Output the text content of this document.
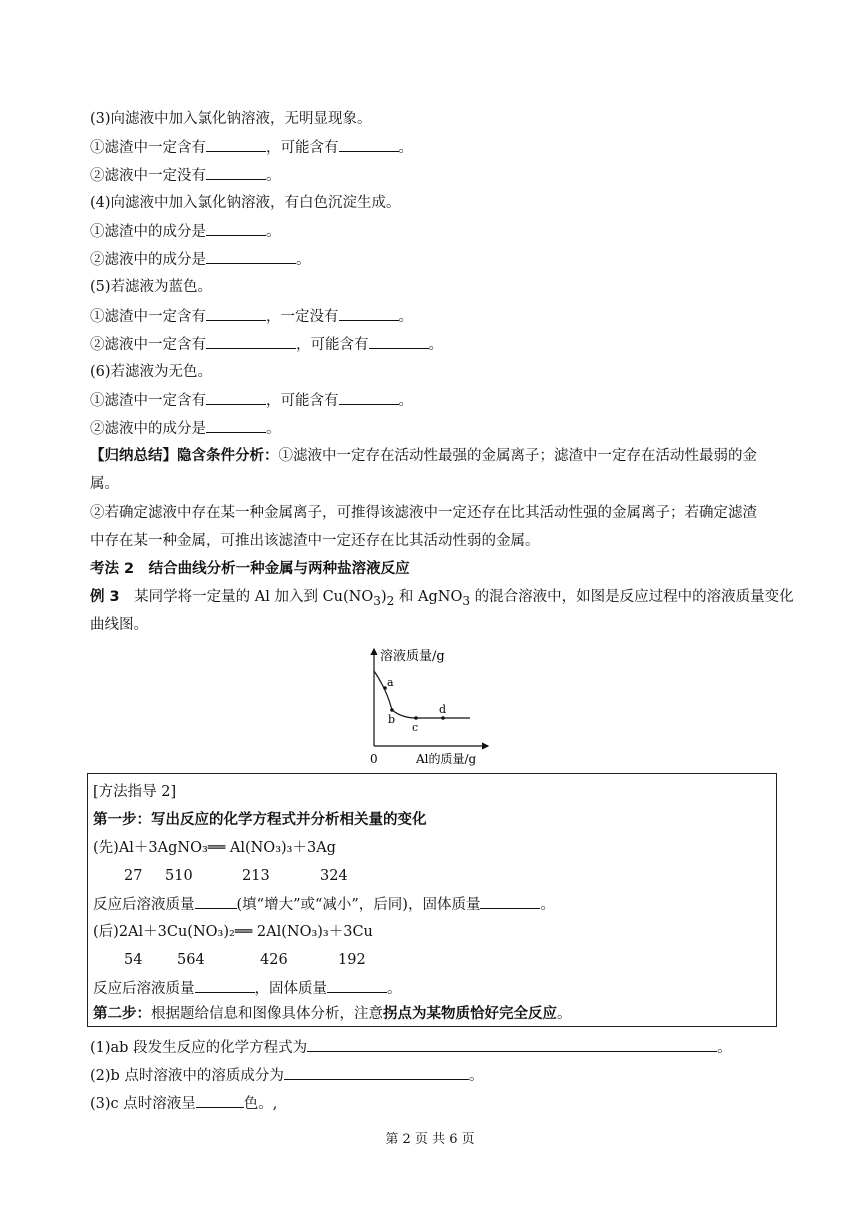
(3)向滤液中加入氯化钠溶液，无明显现象。
①滤渣中一定含有	，可能含有	。
②滤液中一定没有	。
(4)向滤液中加入氯化钠溶液，有白色沉淀生成。
①滤渣中的成分是	。
②滤液中的成分是	。
(5)若滤液为蓝色。
①滤渣中一定含有	，一定没有	。
②滤液中一定含有	，可能含有	。
(6)若滤液为无色。
①滤渣中一定含有	，可能含有	。
②滤液中的成分是	。
【归纳总结】隐含条件分析：①滤液中一定存在活动性最强的金属离子；滤渣中一定存在活动性最弱的金
属。
②若确定滤液中存在某一种金属离子，可推得该滤液中一定还存在比其活动性强的金属离子；若确定滤渣
中存在某一种金属，可推出该滤渣中一定还存在比其活动性弱的金属。
考法 2　结合曲线分析一种金属与两种盐溶液反应
例 3　某同学将一定量的 Al 加入到 $Cu(NO_3)_2$ 和 AgNO$_3$ 的混合溶液中，如图是反应过程中的溶液质量变化
曲线图。
a
b
c
d
溶液质量/g
0	Al的质量/g
[方法指导 2]
第一步：写出反应的化学方程式并分析相关量的变化
(先)Al＋3AgNO₃══ Al(NO₃)₃＋3Ag
27 510	213	324
反应后溶液质量	(填“增大”或“减小”，后同)，固体质量	。
(后)2Al＋3Cu(NO₃)₂══ 2Al(NO₃)₃＋3Cu
54 564	426	192
反应后溶液质量	，固体质量	。
第二步：根据题给信息和图像具体分析，注意拐点为某物质恰好完全反应。
(1)ab 段发生反应的化学方程式为	。
(2)b 点时溶液中的溶质成分为	。
(3)c 点时溶液呈	色。,
第 2 页 共 6 页
